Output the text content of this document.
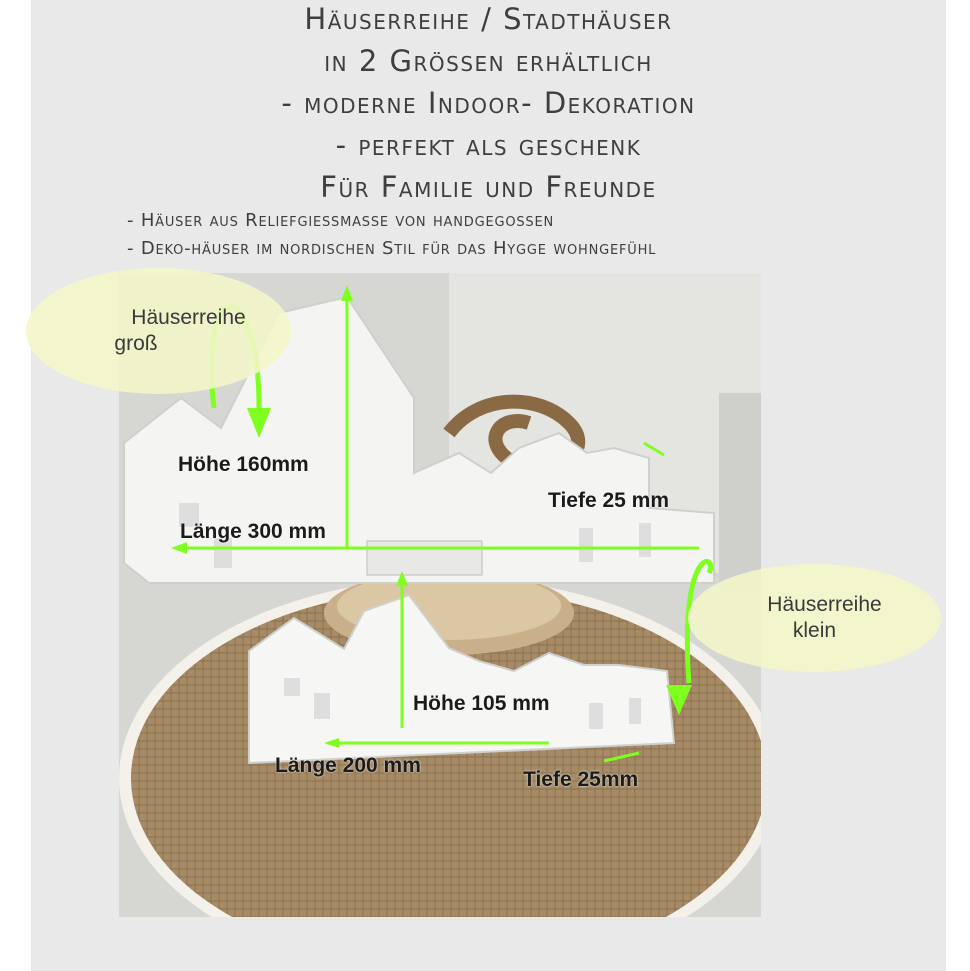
Häuserreihe / Stadthäuser
in 2 Grössen erhältlich
- moderne Indoor- Dekoration
- perfekt als geschenk
Für Familie und Freunde
- Häuser aus Reliefgiessmasse von handgegossen
- Deko-häuser im nordischen Stil für das Hygge wohngefühl
Häuserreihe
groß
Häuserreihe
klein
Höhe 160mm
Länge 300 mm
Tiefe 25 mm
Höhe 105 mm
Länge 200 mm
Tiefe 25mm
